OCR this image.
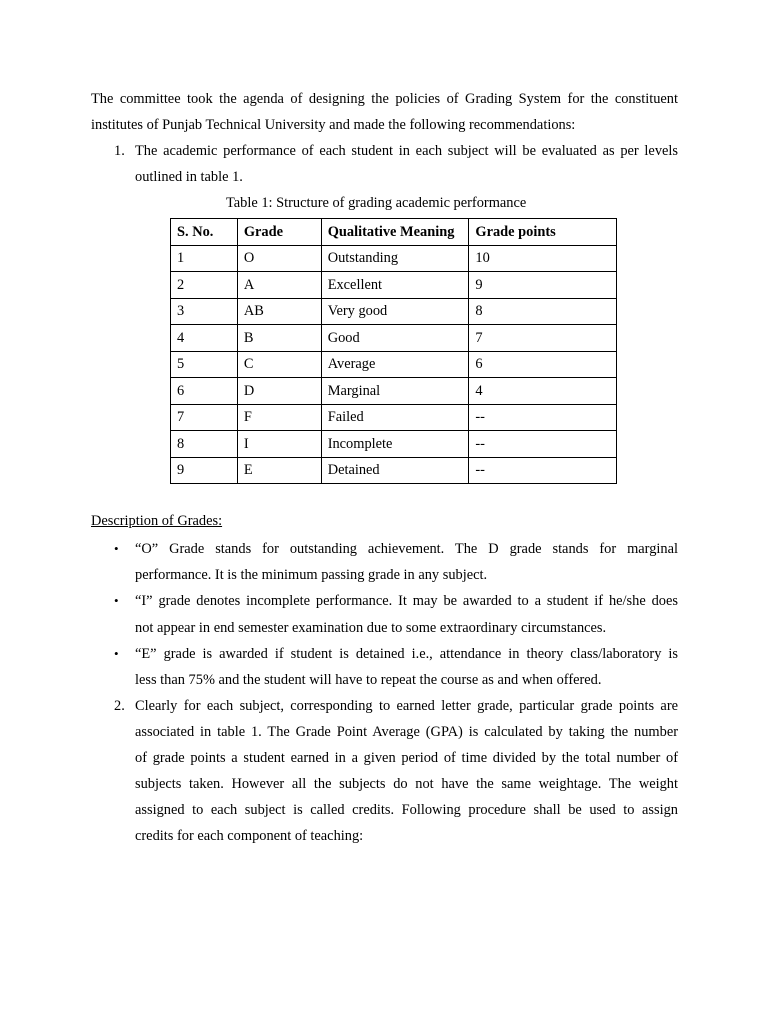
The committee took the agenda of designing the policies of Grading System for the constituent
institutes of Punjab Technical University and made the following recommendations:
1. The academic performance of each student in each subject will be evaluated as per levels
outlined in table 1.
Table 1: Structure of grading academic performance
S. No.	Grade	Qualitative Meaning	Grade points
1	O	Outstanding	10
2	A	Excellent	9
3	AB	Very good	8
4	B	Good	7
5	C	Average	6
6	D	Marginal	4
7	F	Failed	--
8	I	Incomplete	--
9	E	Detained	--
Description of Grades:
• “O” Grade stands for outstanding achievement. The D grade stands for marginal
performance. It is the minimum passing grade in any subject.
• “I” grade denotes incomplete performance. It may be awarded to a student if he/she does
not appear in end semester examination due to some extraordinary circumstances.
• “E” grade is awarded if student is detained i.e., attendance in theory class/laboratory is
less than 75% and the student will have to repeat the course as and when offered.
2. Clearly for each subject, corresponding to earned letter grade, particular grade points are
associated in table 1. The Grade Point Average (GPA) is calculated by taking the number
of grade points a student earned in a given period of time divided by the total number of
subjects taken. However all the subjects do not have the same weightage. The weight
assigned to each subject is called credits. Following procedure shall be used to assign
credits for each component of teaching:
